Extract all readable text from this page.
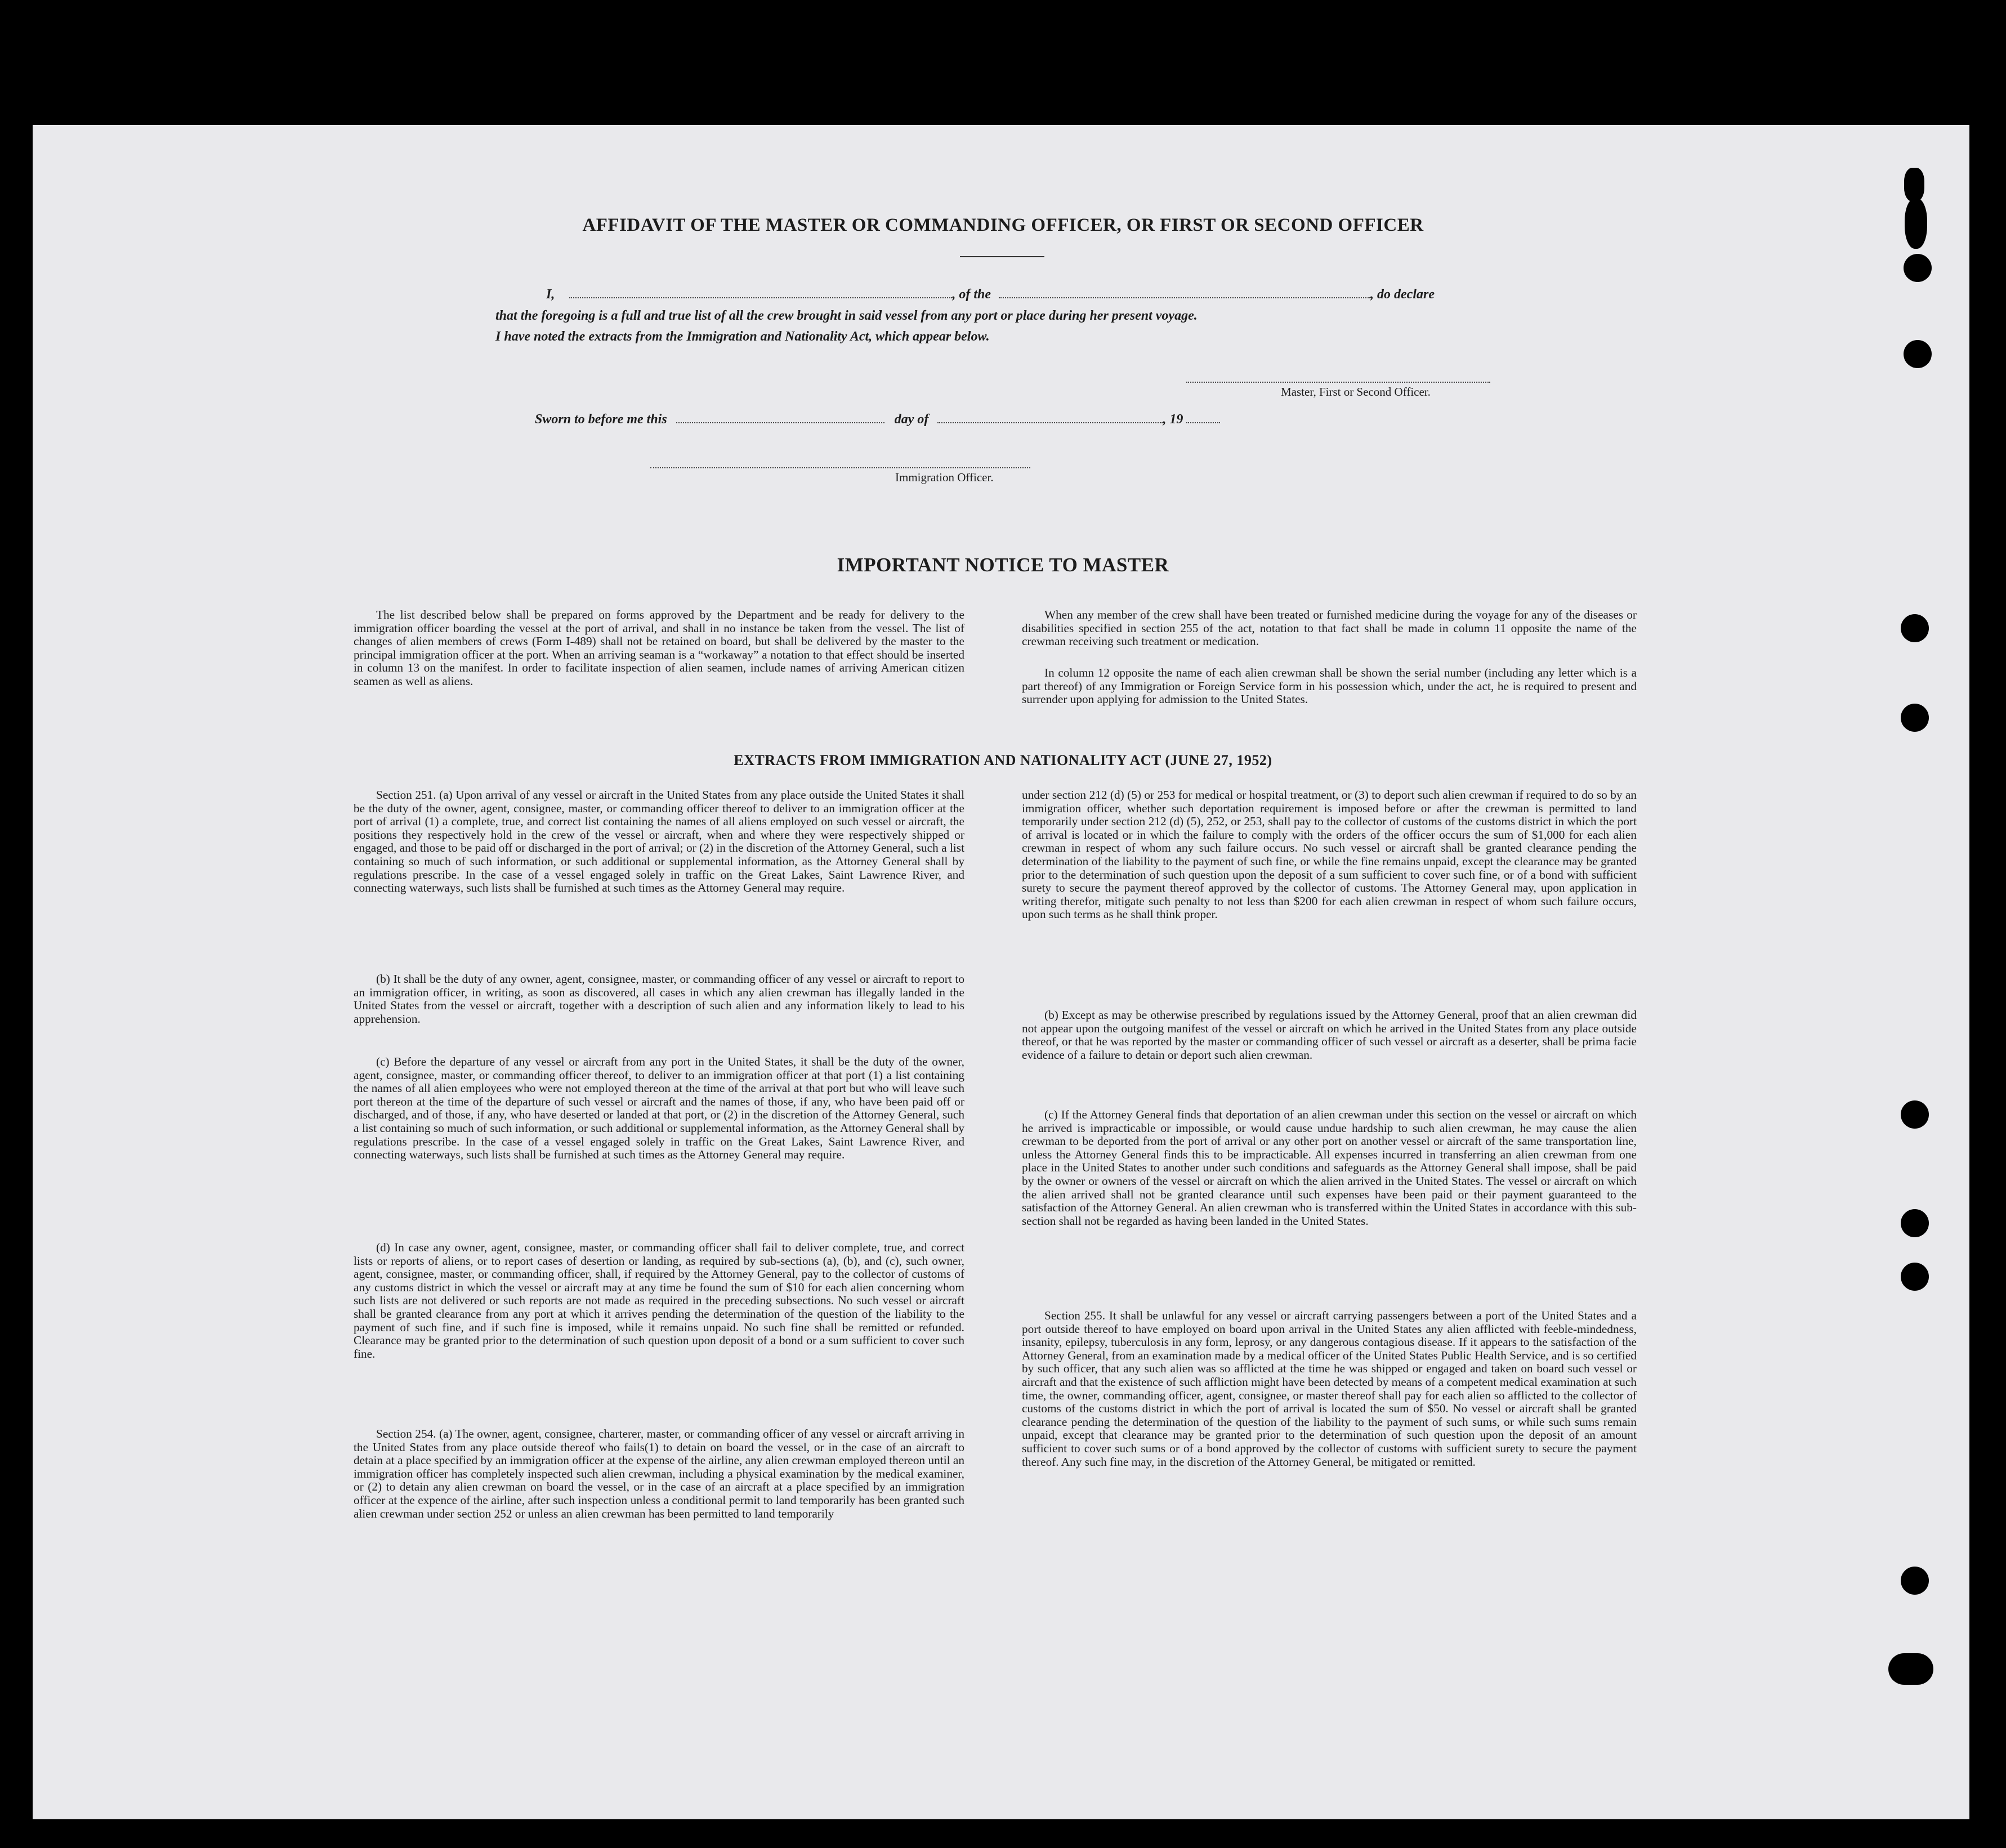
AFFIDAVIT OF THE MASTER OR COMMANDING OFFICER, OR FIRST OR SECOND OFFICER
I,	, of the	, do declare
that the foregoing is a full and true list of all the crew brought in said vessel from any port or place during her present voyage.
I have noted the extracts from the Immigration and Nationality Act, which appear below.
Master, First or Second Officer.
Sworn to before me this	day of	, 19
Immigration Officer.
IMPORTANT NOTICE TO MASTER

The list described below shall be prepared on forms approved by the Department and be ready for delivery to the immigration officer boarding the vessel at the port of arrival, and shall in no instance be taken from the vessel. The list of changes of alien members of crews (Form I-489) shall not be retained on board, but shall be delivered by the master to the principal immigration officer at the port. When an arriving seaman is a “workaway” a notation to that effect should be inserted in column 13 on the manifest. In order to facilitate inspection of alien seamen, include names of arriving American citizen seamen as well as aliens.

When any member of the crew shall have been treated or furnished medicine during the voyage for any of the diseases or disabilities specified in section 255 of the act, notation to that fact shall be made in column 11 opposite the name of the crewman receiving such treatment or medication.

In column 12 opposite the name of each alien crewman shall be shown the serial number (including any letter which is a part thereof) of any Immigration or Foreign Service form in his possession which, under the act, he is required to present and surrender upon applying for admission to the United States.

EXTRACTS FROM IMMIGRATION AND NATIONALITY ACT (JUNE 27, 1952)

Section 251. (a) Upon arrival of any vessel or aircraft in the United States from any place outside the United States it shall be the duty of the owner, agent, consignee, master, or commanding officer thereof to deliver to an immigration officer at the port of arrival (1) a complete, true, and correct list containing the names of all aliens employed on such vessel or aircraft, the positions they respectively hold in the crew of the vessel or aircraft, when and where they were respectively shipped or engaged, and those to be paid off or discharged in the port of arrival; or (2) in the discretion of the Attorney General, such a list containing so much of such information, or such additional or supplemental information, as the Attorney General shall by regulations prescribe. In the case of a vessel engaged solely in traffic on the Great Lakes, Saint Lawrence River, and connecting waterways, such lists shall be furnished at such times as the Attorney General may require.

(b) It shall be the duty of any owner, agent, consignee, master, or commanding officer of any vessel or aircraft to report to an immigration officer, in writing, as soon as discovered, all cases in which any alien crewman has illegally landed in the United States from the vessel or aircraft, together with a description of such alien and any information likely to lead to his apprehension.

(c) Before the departure of any vessel or aircraft from any port in the United States, it shall be the duty of the owner, agent, consignee, master, or commanding officer thereof, to deliver to an immigration officer at that port (1) a list containing the names of all alien employees who were not employed thereon at the time of the arrival at that port but who will leave such port thereon at the time of the departure of such vessel or aircraft and the names of those, if any, who have been paid off or discharged, and of those, if any, who have deserted or landed at that port, or (2) in the discretion of the Attorney General, such a list containing so much of such information, or such additional or supplemental information, as the Attorney General shall by regulations prescribe. In the case of a vessel engaged solely in traffic on the Great Lakes, Saint Lawrence River, and connecting waterways, such lists shall be furnished at such times as the Attorney General may require.

(d) In case any owner, agent, consignee, master, or commanding officer shall fail to deliver complete, true, and correct lists or reports of aliens, or to report cases of desertion or landing, as required by sub-sections (a), (b), and (c), such owner, agent, consignee, master, or commanding officer, shall, if required by the Attorney General, pay to the collector of customs of any customs district in which the vessel or aircraft may at any time be found the sum of $10 for each alien concerning whom such lists are not delivered or such reports are not made as required in the preceding subsections. No such vessel or aircraft shall be granted clearance from any port at which it arrives pending the determination of the question of the liability to the payment of such fine, and if such fine is imposed, while it remains unpaid. No such fine shall be remitted or refunded. Clearance may be granted prior to the determination of such question upon deposit of a bond or a sum sufficient to cover such fine.

Section 254. (a) The owner, agent, consignee, charterer, master, or commanding officer of any vessel or aircraft arriving in the United States from any place outside thereof who fails(1) to detain on board the vessel, or in the case of an aircraft to detain at a place specified by an immigration officer at the expense of the airline, any alien crewman employed thereon until an immigration officer has completely inspected such alien crewman, including a physical examination by the medical examiner, or (2) to detain any alien crewman on board the vessel, or in the case of an aircraft at a place specified by an immigration officer at the expence of the airline, after such inspection unless a conditional permit to land temporarily has been granted such alien crewman under section 252 or unless an alien crewman has been permitted to land temporarily

under section 212 (d) (5) or 253 for medical or hospital treatment, or (3) to deport such alien crewman if required to do so by an immigration officer, whether such deportation requirement is imposed before or after the crewman is permitted to land temporarily under section 212 (d) (5), 252, or 253, shall pay to the collector of customs of the customs district in which the port of arrival is located or in which the failure to comply with the orders of the officer occurs the sum of $1,000 for each alien crewman in respect of whom any such failure occurs. No such vessel or aircraft shall be granted clearance pending the determination of the liability to the payment of such fine, or while the fine remains unpaid, except the clearance may be granted prior to the determination of such question upon the deposit of a sum sufficient to cover such fine, or of a bond with sufficient surety to secure the payment thereof approved by the collector of customs. The Attorney General may, upon application in writing therefor, mitigate such penalty to not less than $200 for each alien crewman in respect of whom such failure occurs, upon such terms as he shall think proper.

(b) Except as may be otherwise prescribed by regulations issued by the Attorney General, proof that an alien crewman did not appear upon the outgoing manifest of the vessel or aircraft on which he arrived in the United States from any place outside thereof, or that he was reported by the master or commanding officer of such vessel or aircraft as a deserter, shall be prima facie evidence of a failure to detain or deport such alien crewman.

(c) If the Attorney General finds that deportation of an alien crewman under this section on the vessel or aircraft on which he arrived is impracticable or impossible, or would cause undue hardship to such alien crewman, he may cause the alien crewman to be deported from the port of arrival or any other port on another vessel or aircraft of the same transportation line, unless the Attorney General finds this to be impracticable. All expenses incurred in transferring an alien crewman from one place in the United States to another under such conditions and safeguards as the Attorney General shall impose, shall be paid by the owner or owners of the vessel or aircraft on which the alien arrived in the United States. The vessel or aircraft on which the alien arrived shall not be granted clearance until such expenses have been paid or their payment guaranteed to the satisfaction of the Attorney General. An alien crewman who is transferred within the United States in accordance with this sub-section shall not be regarded as having been landed in the United States.

Section 255. It shall be unlawful for any vessel or aircraft carrying passengers between a port of the United States and a port outside thereof to have employed on board upon arrival in the United States any alien afflicted with feeble-mindedness, insanity, epilepsy, tuberculosis in any form, leprosy, or any dangerous contagious disease. If it appears to the satisfaction of the Attorney General, from an examination made by a medical officer of the United States Public Health Service, and is so certified by such officer, that any such alien was so afflicted at the time he was shipped or engaged and taken on board such vessel or aircraft and that the existence of such affliction might have been detected by means of a competent medical examination at such time, the owner, commanding officer, agent, consignee, or master thereof shall pay for each alien so afflicted to the collector of customs of the customs district in which the port of arrival is located the sum of $50. No vessel or aircraft shall be granted clearance pending the determination of the question of the liability to the payment of such sums, or while such sums remain unpaid, except that clearance may be granted prior to the determination of such question upon the deposit of an amount sufficient to cover such sums or of a bond approved by the collector of customs with sufficient surety to secure the payment thereof. Any such fine may, in the discretion of the Attorney General, be mitigated or remitted.
